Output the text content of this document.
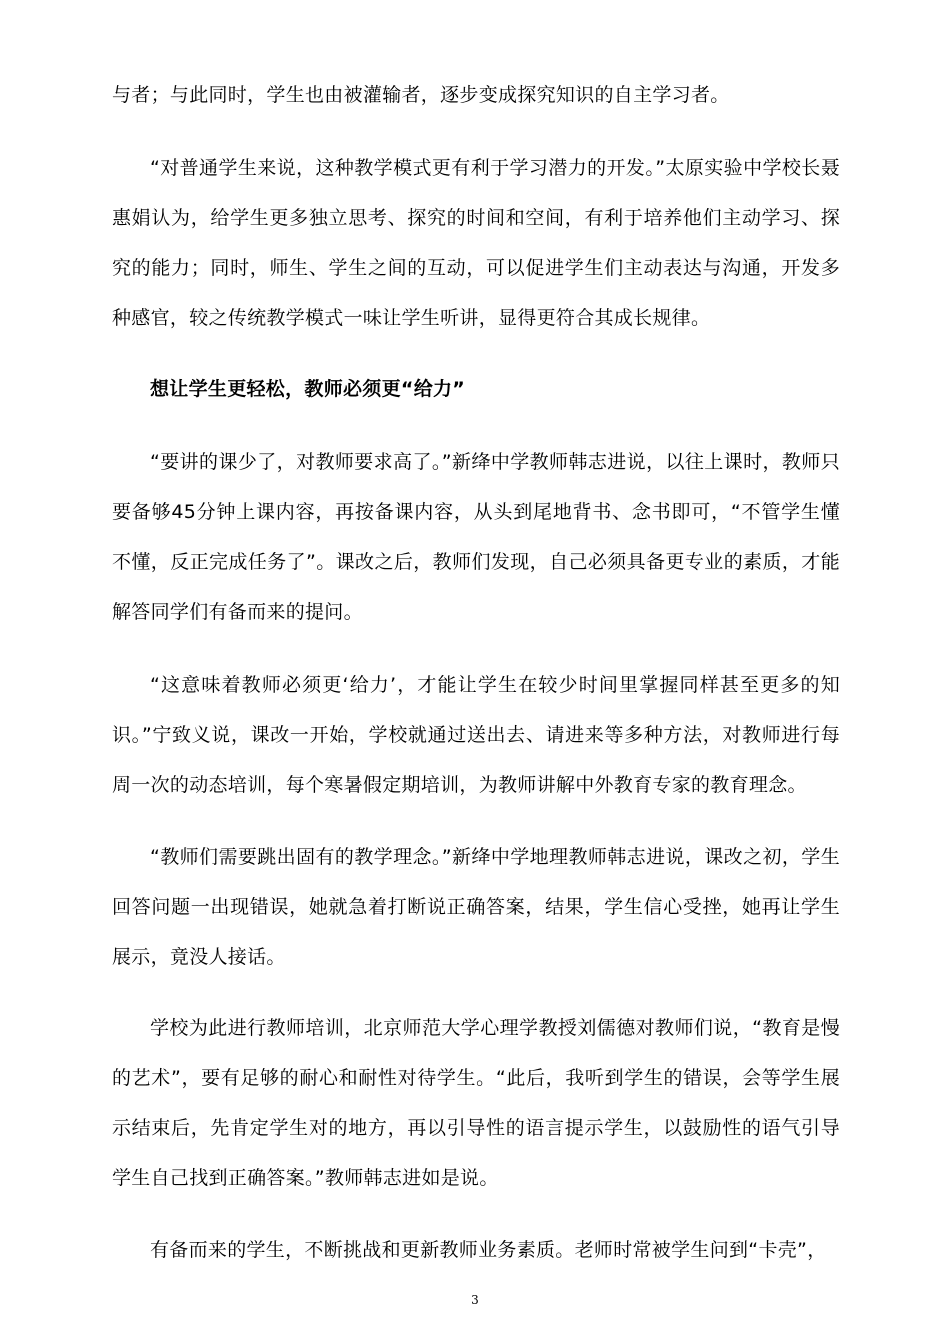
与者；与此同时，学生也由被灌输者，逐步变成探究知识的自主学习者。

“对普通学生来说，这种教学模式更有利于学习潜力的开发。”太原实验中学校长聂惠娟认为，给学生更多独立思考、探究的时间和空间，有利于培养他们主动学习、探究的能力；同时，师生、学生之间的互动，可以促进学生们主动表达与沟通，开发多种感官，较之传统教学模式一味让学生听讲，显得更符合其成长规律。

想让学生更轻松，教师必须更“给力”

“要讲的课少了，对教师要求高了。”新绛中学教师韩志进说，以往上课时，教师只要备够45分钟上课内容，再按备课内容，从头到尾地背书、念书即可，“不管学生懂不懂，反正完成任务了”。课改之后，教师们发现，自己必须具备更专业的素质，才能解答同学们有备而来的提问。

“这意味着教师必须更‘给力’，才能让学生在较少时间里掌握同样甚至更多的知识。”宁致义说，课改一开始，学校就通过送出去、请进来等多种方法，对教师进行每周一次的动态培训，每个寒暑假定期培训，为教师讲解中外教育专家的教育理念。

“教师们需要跳出固有的教学理念。”新绛中学地理教师韩志进说，课改之初，学生回答问题一出现错误，她就急着打断说正确答案，结果，学生信心受挫，她再让学生展示，竟没人接话。

学校为此进行教师培训，北京师范大学心理学教授刘儒德对教师们说，“教育是慢的艺术”，要有足够的耐心和耐性对待学生。“此后，我听到学生的错误，会等学生展示结束后，先肯定学生对的地方，再以引导性的语言提示学生，以鼓励性的语气引导学生自己找到正确答案。”教师韩志进如是说。

有备而来的学生，不断挑战和更新教师业务素质。老师时常被学生问到“卡壳”，

3
